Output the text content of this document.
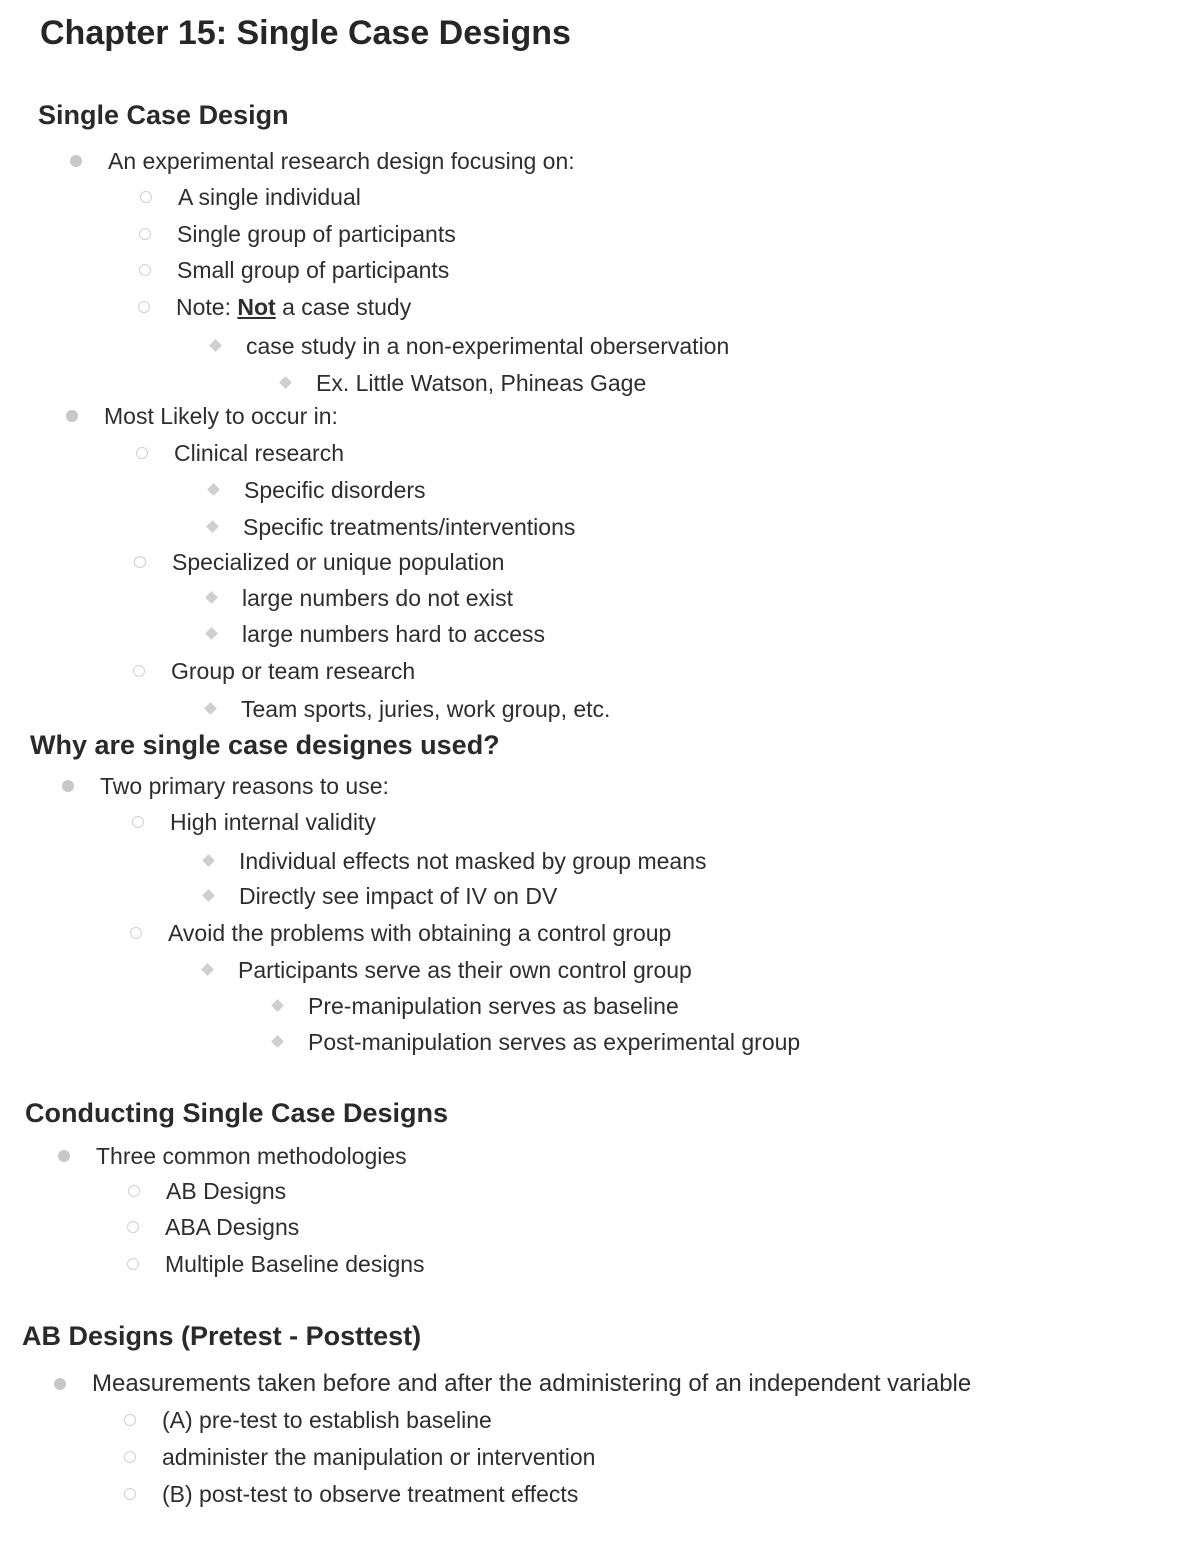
Chapter 15: Single Case Designs
Single Case Design
An experimental research design focusing on:
A single individual
Single group of participants
Small group of participants
Note: Not a case study
case study in a non-experimental oberservation
Ex. Little Watson, Phineas Gage
Most Likely to occur in:
Clinical research
Specific disorders
Specific treatments/interventions
Specialized or unique population
large numbers do not exist
large numbers hard to access
Group or team research
Team sports, juries, work group, etc.
Why are single case designes used?
Two primary reasons to use:
High internal validity
Individual effects not masked by group means
Directly see impact of IV on DV
Avoid the problems with obtaining a control group
Participants serve as their own control group
Pre-manipulation serves as baseline
Post-manipulation serves as experimental group
Conducting Single Case Designs
Three common methodologies
AB Designs
ABA Designs
Multiple Baseline designs
AB Designs (Pretest - Posttest)
Measurements taken before and after the administering of an independent variable
(A) pre-test to establish baseline
administer the manipulation or intervention
(B) post-test to observe treatment effects
